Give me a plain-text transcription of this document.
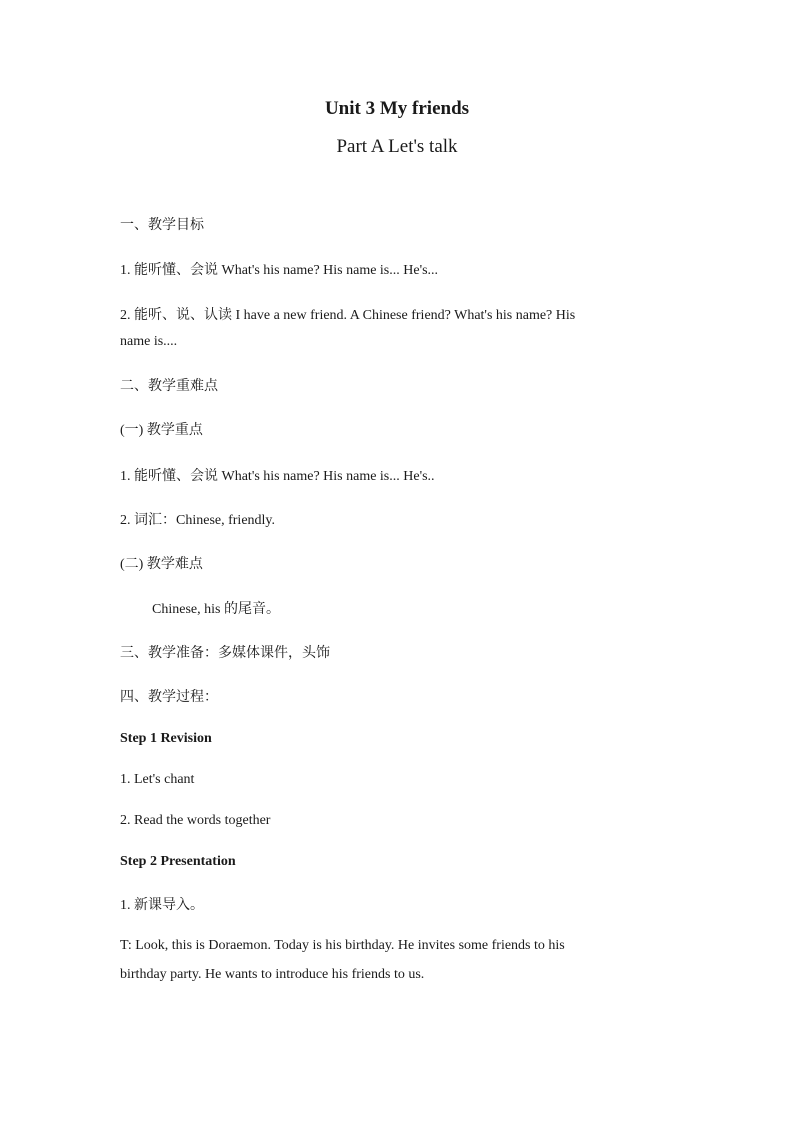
Unit 3 My friends
Part A Let's talk
一、教学目标
1. 能听懂、会说 What's his name? His name is... He's...
2. 能听、说、认读 I have a new friend. A Chinese friend? What's his name? His
name is....
二、教学重难点
(一) 教学重点
1. 能听懂、会说 What's his name? His name is... He's..
2. 词汇：Chinese, friendly.
(二) 教学难点
Chinese, his 的尾音。
三、教学准备：多媒体课件，头饰
四、教学过程：
Step 1 Revision
1. Let's chant
2. Read the words together
Step 2 Presentation
1. 新课导入。
T: Look, this is Doraemon. Today is his birthday. He invites some friends to his
birthday party. He wants to introduce his friends to us.
